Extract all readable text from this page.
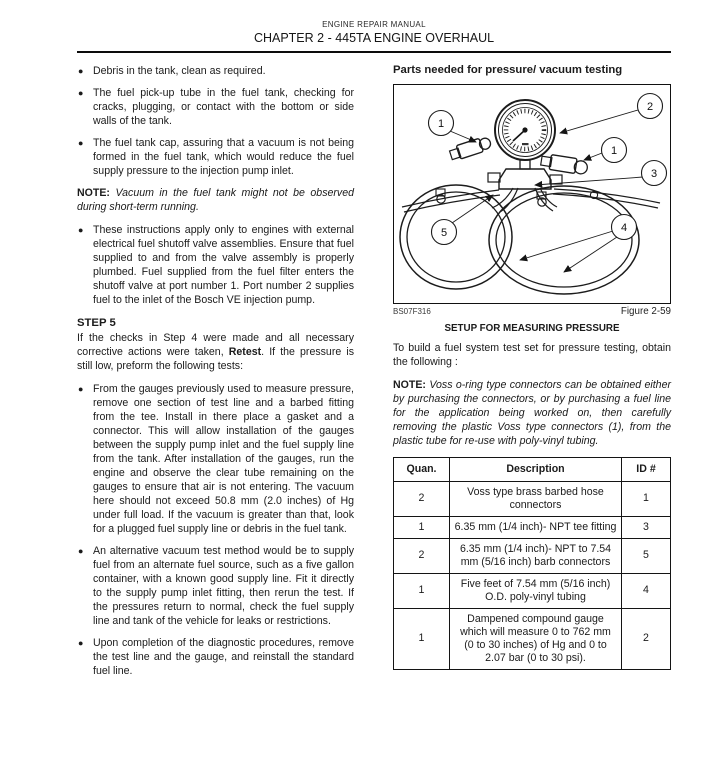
ENGINE REPAIR MANUAL
CHAPTER 2 - 445TA ENGINE OVERHAUL
● Debris in the tank, clean as required.
● The fuel pick-up tube in the fuel tank, checking for cracks, plugging, or contact with the bottom or side walls of the tank.
● The fuel tank cap, assuring that a vacuum is not being formed in the fuel tank, which would reduce the fuel supply pressure to the injection pump inlet.

NOTE: Vacuum in the fuel tank might not be observed during short-term running.

● These instructions apply only to engines with external electrical fuel shutoff valve assemblies. Ensure that fuel supplied to and from the valve assembly is properly plumbed. Fuel supplied from the fuel filter enters the shutoff valve at port number 1. Port number 2 supplies fuel to the inlet of the Bosch VE injection pump.
STEP 5

If the checks in Step 4 were made and all necessary corrective actions were taken, Retest. If the pressure is still low, preform the following tests:

● From the gauges previously used to measure pressure, remove one section of test line and a barbed fitting from the tee. Install in there place a gasket and a connector. This will allow installation of the gauges between the supply pump inlet and the fuel supply line from the tank. After installation of the gauges, run the engine and observe the clear tube remaining on the gauges to ensure that air is not entering. The vacuum here should not exceed 50.8 mm (2.0 inches) of Hg under full load. If the vacuum is greater than that, look for a plugged fuel supply line or debris in the fuel tank.
● An alternative vacuum test method would be to supply fuel from an alternate fuel source, such as a five gallon container, with a known good supply line. Fit it directly to the supply pump inlet fitting, then rerun the test. If the pressures return to normal, check the fuel supply line and tank of the vehicle for leaks or restrictions.
● Upon completion of the diagnostic procedures, remove the test line and the gauge, and reinstall the standard fuel line.
Parts needed for pressure/ vacuum testing
1
2
1
3
5	4
BS07F316	Figure 2-59
SETUP FOR MEASURING PRESSURE

To build a fuel system test set for pressure testing, obtain the following :

NOTE: Voss o-ring type connectors can be obtained either by purchasing the connectors, or by purchasing a fuel line for the application being worked on, then carefully removing the plastic Voss type connectors (1), from the plastic tube for re-use with poly-vinyl tubing.

Quan.	Description	ID #
2	Voss type brass barbed hose connectors	1
1	6.35 mm (1/4 inch)- NPT tee fitting	3
2	6.35 mm (1/4 inch)- NPT to 7.54 mm (5/16 inch) barb connectors	5
1	Five feet of 7.54 mm (5/16 inch) O.D. poly-vinyl tubing	4
1	Dampened compound gauge which will measure 0 to 762 mm (0 to 30 inches) of Hg and 0 to 2.07 bar (0 to 30 psi).	2
